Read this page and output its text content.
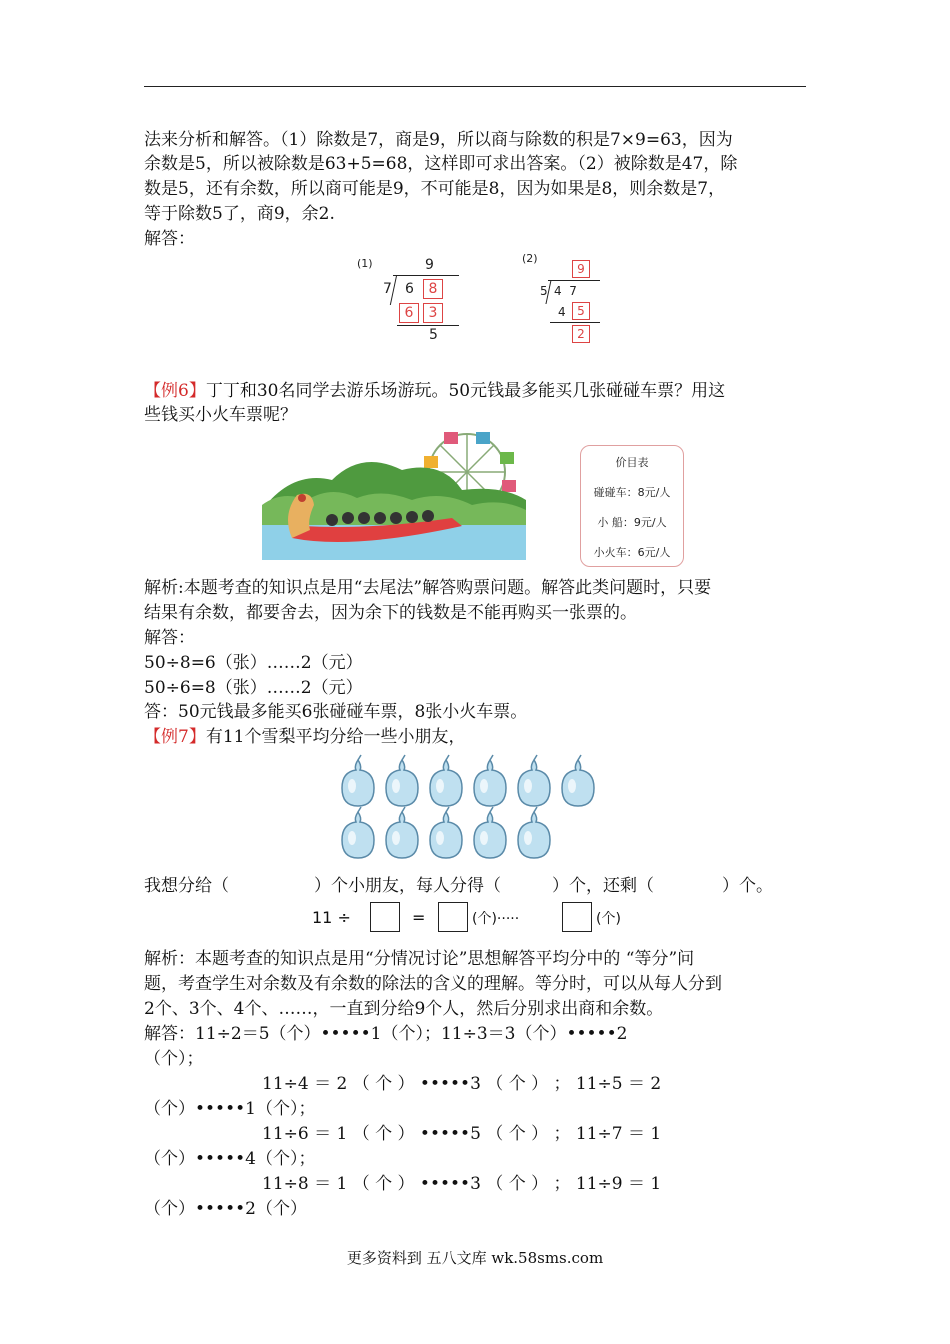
法来分析和解答。（1）除数是7，商是9，所以商与除数的积是7×9=63，因为
余数是5，所以被除数是63+5=68，这样即可求出答案。（2）被除数是47，除
数是5，还有余数，所以商可能是9，不可能是8，因为如果是8，则余数是7，
等于除数5了，商9，余2.
解答：
(1)	9
7 6	8
6	3
5
(2)
9
5 4  7
4 5
2
【例6】丁丁和30名同学去游乐场游玩。50元钱最多能买几张碰碰车票？用这
些钱买小火车票呢？
价目表
碰碰车：8元/人
小 船：9元/人
小火车：6元/人
解析:本题考查的知识点是用“去尾法”解答购票问题。解答此类问题时，只要
结果有余数，都要舍去，因为余下的钱数是不能再购买一张票的。
解答：
50÷8=6（张）……2（元）
50÷6=8（张）……2（元）
答：50元钱最多能买6张碰碰车票，8张小火车票。
【例7】有11个雪梨平均分给一些小朋友，
我想分给（　　　　　）个小朋友，每人分得（　　　）个，还剩（　　　　）个。
11 ÷	=	(个)·····	(个)
解析：本题考查的知识点是用“分情况讨论”思想解答平均分中的 “等分”问
题，考查学生对余数及有余数的除法的含义的理解。等分时，可以从每人分到
2个、3个、4个、……，一直到分给9个人，然后分别求出商和余数。
解答：11÷2＝5（个）•••••1（个）；11÷3＝3（个）•••••2
（个）；
11÷4 ＝ 2 （ 个 ） •••••3 （ 个 ） ； 11÷5 ＝ 2
（个）•••••1（个）；
11÷6 ＝ 1 （ 个 ） •••••5 （ 个 ） ； 11÷7 ＝ 1
（个）•••••4（个）；
11÷8 ＝ 1 （ 个 ） •••••3 （ 个 ） ； 11÷9 ＝ 1
（个）•••••2（个）
更多资料到 五八文库 wk.58sms.com
